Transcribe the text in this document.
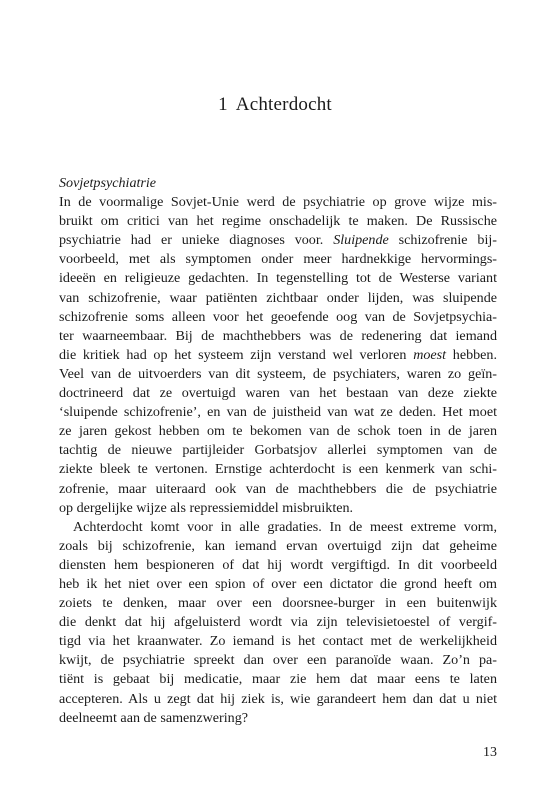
1 Achterdocht
Sovjetpsychiatrie
In de voormalige Sovjet-Unie werd de psychiatrie op grove wijze mis-
bruikt om critici van het regime onschadelijk te maken. De Russische
psychiatrie had er unieke diagnoses voor. Sluipende schizofrenie bij-
voorbeeld, met als symptomen onder meer hardnekkige hervormings-
ideeën en religieuze gedachten. In tegenstelling tot de Westerse variant
van schizofrenie, waar patiënten zichtbaar onder lijden, was sluipende
schizofrenie soms alleen voor het geoefende oog van de Sovjetpsychia-
ter waarneembaar. Bij de machthebbers was de redenering dat iemand
die kritiek had op het systeem zijn verstand wel verloren moest hebben.
Veel van de uitvoerders van dit systeem, de psychiaters, waren zo geïn-
doctrineerd dat ze overtuigd waren van het bestaan van deze ziekte
‘sluipende schizofrenie’, en van de juistheid van wat ze deden. Het moet
ze jaren gekost hebben om te bekomen van de schok toen in de jaren
tachtig de nieuwe partijleider Gorbatsjov allerlei symptomen van de
ziekte bleek te vertonen. Ernstige achterdocht is een kenmerk van schi-
zofrenie, maar uiteraard ook van de machthebbers die de psychiatrie
op dergelijke wijze als repressiemiddel misbruikten.
Achterdocht komt voor in alle gradaties. In de meest extreme vorm,
zoals bij schizofrenie, kan iemand ervan overtuigd zijn dat geheime
diensten hem bespioneren of dat hij wordt vergiftigd. In dit voorbeeld
heb ik het niet over een spion of over een dictator die grond heeft om
zoiets te denken, maar over een doorsnee-burger in een buitenwijk
die denkt dat hij afgeluisterd wordt via zijn televisietoestel of vergif-
tigd via het kraanwater. Zo iemand is het contact met de werkelijkheid
kwijt, de psychiatrie spreekt dan over een paranoïde waan. Zo’n pa-
tiënt is gebaat bij medicatie, maar zie hem dat maar eens te laten
accepteren. Als u zegt dat hij ziek is, wie garandeert hem dan dat u niet
deelneemt aan de samenzwering?
13
